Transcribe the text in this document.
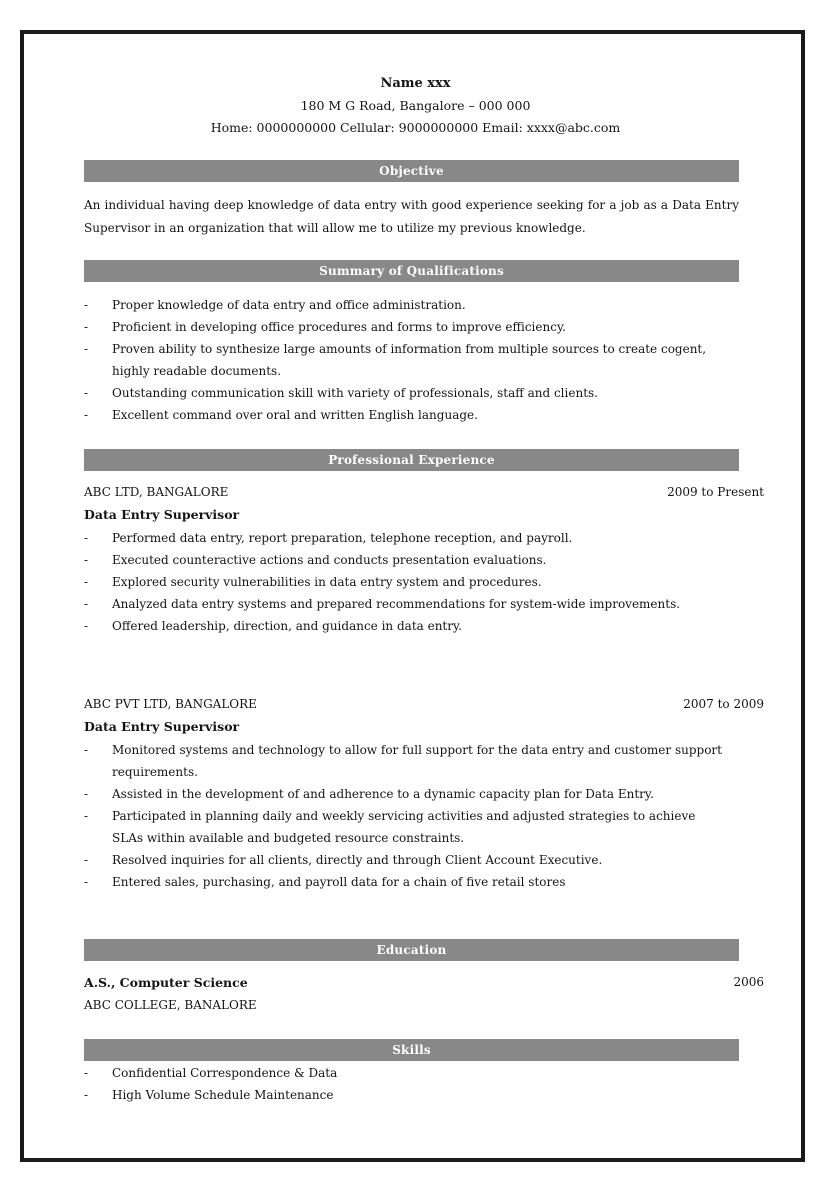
Name xxx
180 M G Road, Bangalore – 000 000
Home: 0000000000 Cellular: 9000000000 Email: xxxx@abc.com
Objective
An individual having deep knowledge of data entry with good experience seeking for a job as a Data Entry Supervisor in an organization that will allow me to utilize my previous knowledge.
Summary of Qualifications
- Proper knowledge of data entry and office administration.
- Proficient in developing office procedures and forms to improve efficiency.
- Proven ability to synthesize large amounts of information from multiple sources to create cogent, highly readable documents.
- Outstanding communication skill with variety of professionals, staff and clients.
- Excellent command over oral and written English language.
Professional Experience
ABC LTD, BANGALORE	2009 to Present
Data Entry Supervisor
- Performed data entry, report preparation, telephone reception, and payroll.
- Executed counteractive actions and conducts presentation evaluations.
- Explored security vulnerabilities in data entry system and procedures.
- Analyzed data entry systems and prepared recommendations for system-wide improvements.
- Offered leadership, direction, and guidance in data entry.
ABC PVT LTD, BANGALORE	2007 to 2009
Data Entry Supervisor
- Monitored systems and technology to allow for full support for the data entry and customer support requirements.
- Assisted in the development of and adherence to a dynamic capacity plan for Data Entry.
- Participated in planning daily and weekly servicing activities and adjusted strategies to achieve SLAs within available and budgeted resource constraints.
- Resolved inquiries for all clients, directly and through Client Account Executive.
- Entered sales, purchasing, and payroll data for a chain of five retail stores
Education
A.S., Computer Science	2006
ABC COLLEGE, BANALORE
Skills
- Confidential Correspondence & Data
- High Volume Schedule Maintenance
